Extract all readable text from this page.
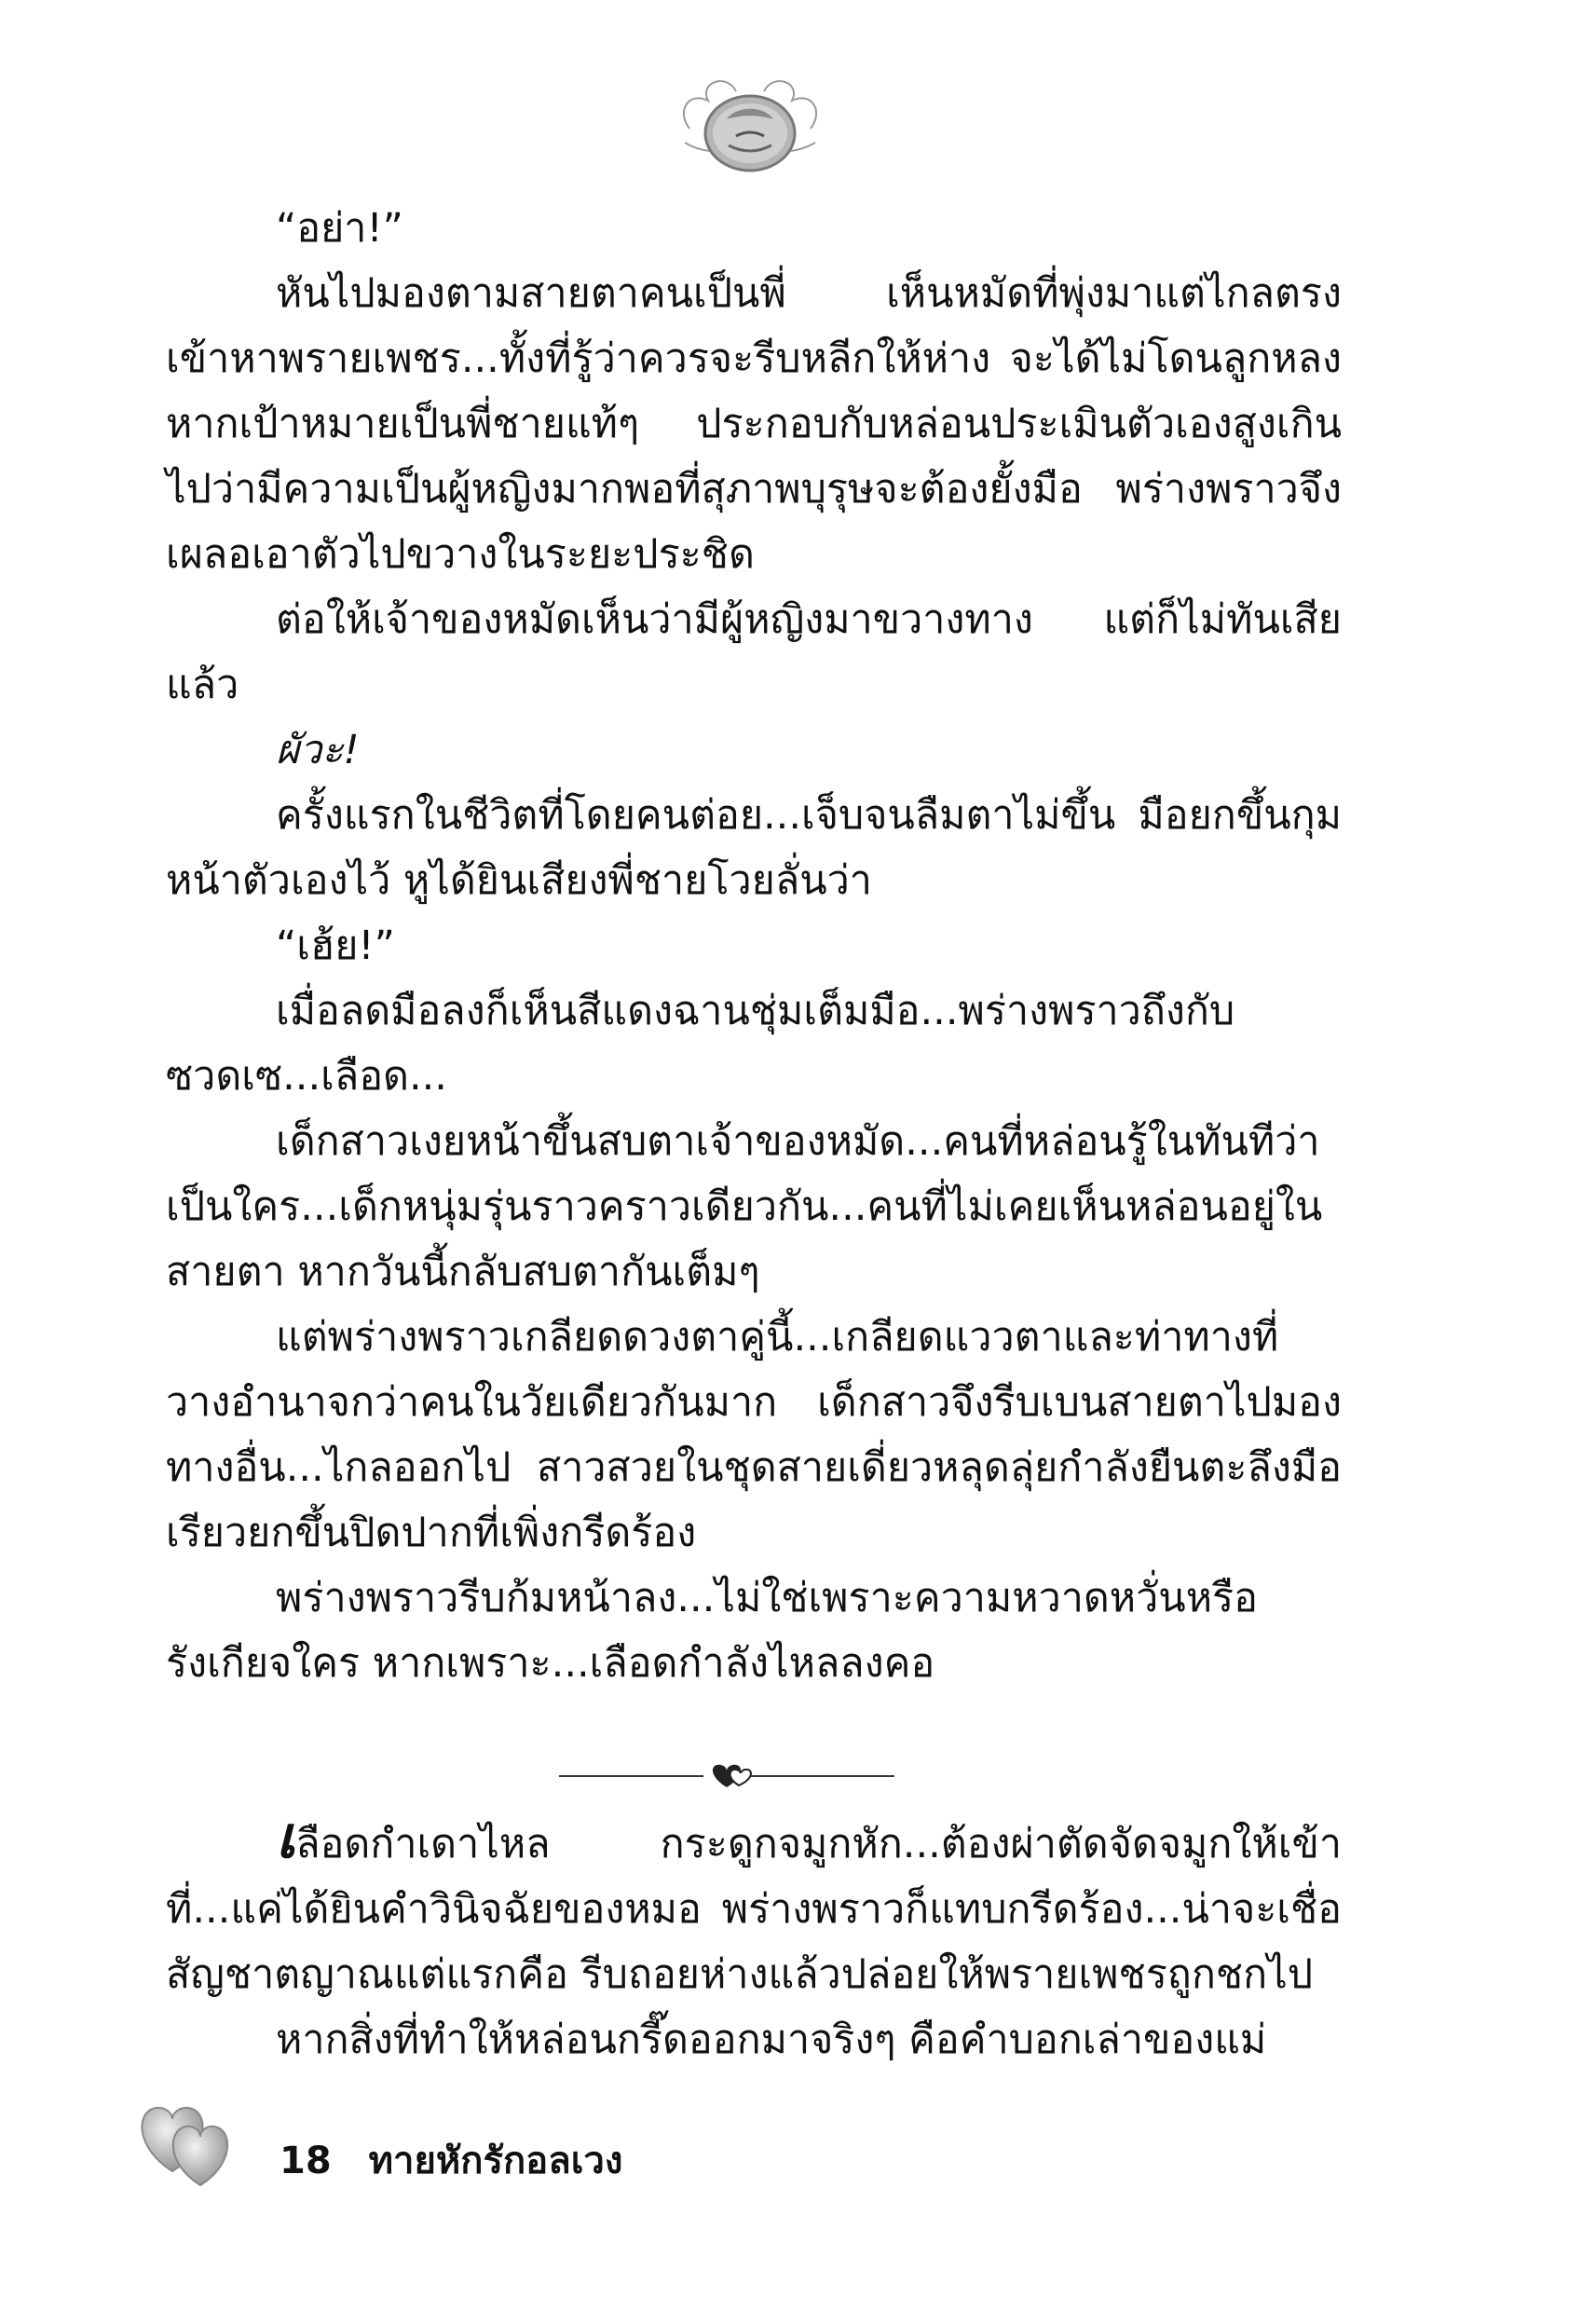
“อย่า!”

หันไปมองตามสายตาคนเป็นพี่ เห็นหมัดที่พุ่งมาแต่ไกลตรงเข้าหาพรายเพชร...ทั้งที่รู้ว่าควรจะรีบหลีกให้ห่าง จะได้ไม่โดนลูกหลง หากเป้าหมายเป็นพี่ชายแท้ๆ ประกอบกับหล่อนประเมินตัวเองสูงเกินไปว่ามีความเป็นผู้หญิงมากพอที่สุภาพบุรุษจะต้องยั้งมือ พร่างพราวจึงเผลอเอาตัวไปขวางในระยะประชิด

ต่อให้เจ้าของหมัดเห็นว่ามีผู้หญิงมาขวางทาง แต่ก็ไม่ทันเสียแล้ว

ผัวะ!

ครั้งแรกในชีวิตที่โดยคนต่อย...เจ็บจนลืมตาไม่ขึ้น มือยกขึ้นกุมหน้าตัวเองไว้ หูได้ยินเสียงพี่ชายโวยลั่นว่า

“เฮ้ย!”

เมื่อลดมือลงก็เห็นสีแดงฉานชุ่มเต็มมือ...พร่างพราวถึงกับซวดเซ...เลือด...

เด็กสาวเงยหน้าขึ้นสบตาเจ้าของหมัด...คนที่หล่อนรู้ในทันทีว่าเป็นใคร...เด็กหนุ่มรุ่นราวคราวเดียวกัน...คนที่ไม่เคยเห็นหล่อนอยู่ในสายตา หากวันนี้กลับสบตากันเต็มๆ

แต่พร่างพราวเกลียดดวงตาคู่นี้...เกลียดแววตาและท่าทางที่วางอำนาจกว่าคนในวัยเดียวกันมาก เด็กสาวจึงรีบเบนสายตาไปมองทางอื่น...ไกลออกไป สาวสวยในชุดสายเดี่ยวหลุดลุ่ยกำลังยืนตะลึงมือเรียวยกขึ้นปิดปากที่เพิ่งกรีดร้อง

พร่างพราวรีบก้มหน้าลง...ไม่ใช่เพราะความหวาดหวั่นหรือรังเกียจใคร หากเพราะ...เลือดกำลังไหลลงคอ

เลือดกำเดาไหล กระดูกจมูกหัก...ต้องผ่าตัดจัดจมูกให้เข้าที่...แค่ได้ยินคำวินิจฉัยของหมอ พร่างพราวก็แทบกรีดร้อง...น่าจะเชื่อสัญชาตญาณแต่แรกคือ รีบถอยห่างแล้วปล่อยให้พรายเพชรถูกชกไป

หากสิ่งที่ทำให้หล่อนกรี๊ดออกมาจริงๆ คือคำบอกเล่าของแม่

18 ทายหักรักอลเวง
